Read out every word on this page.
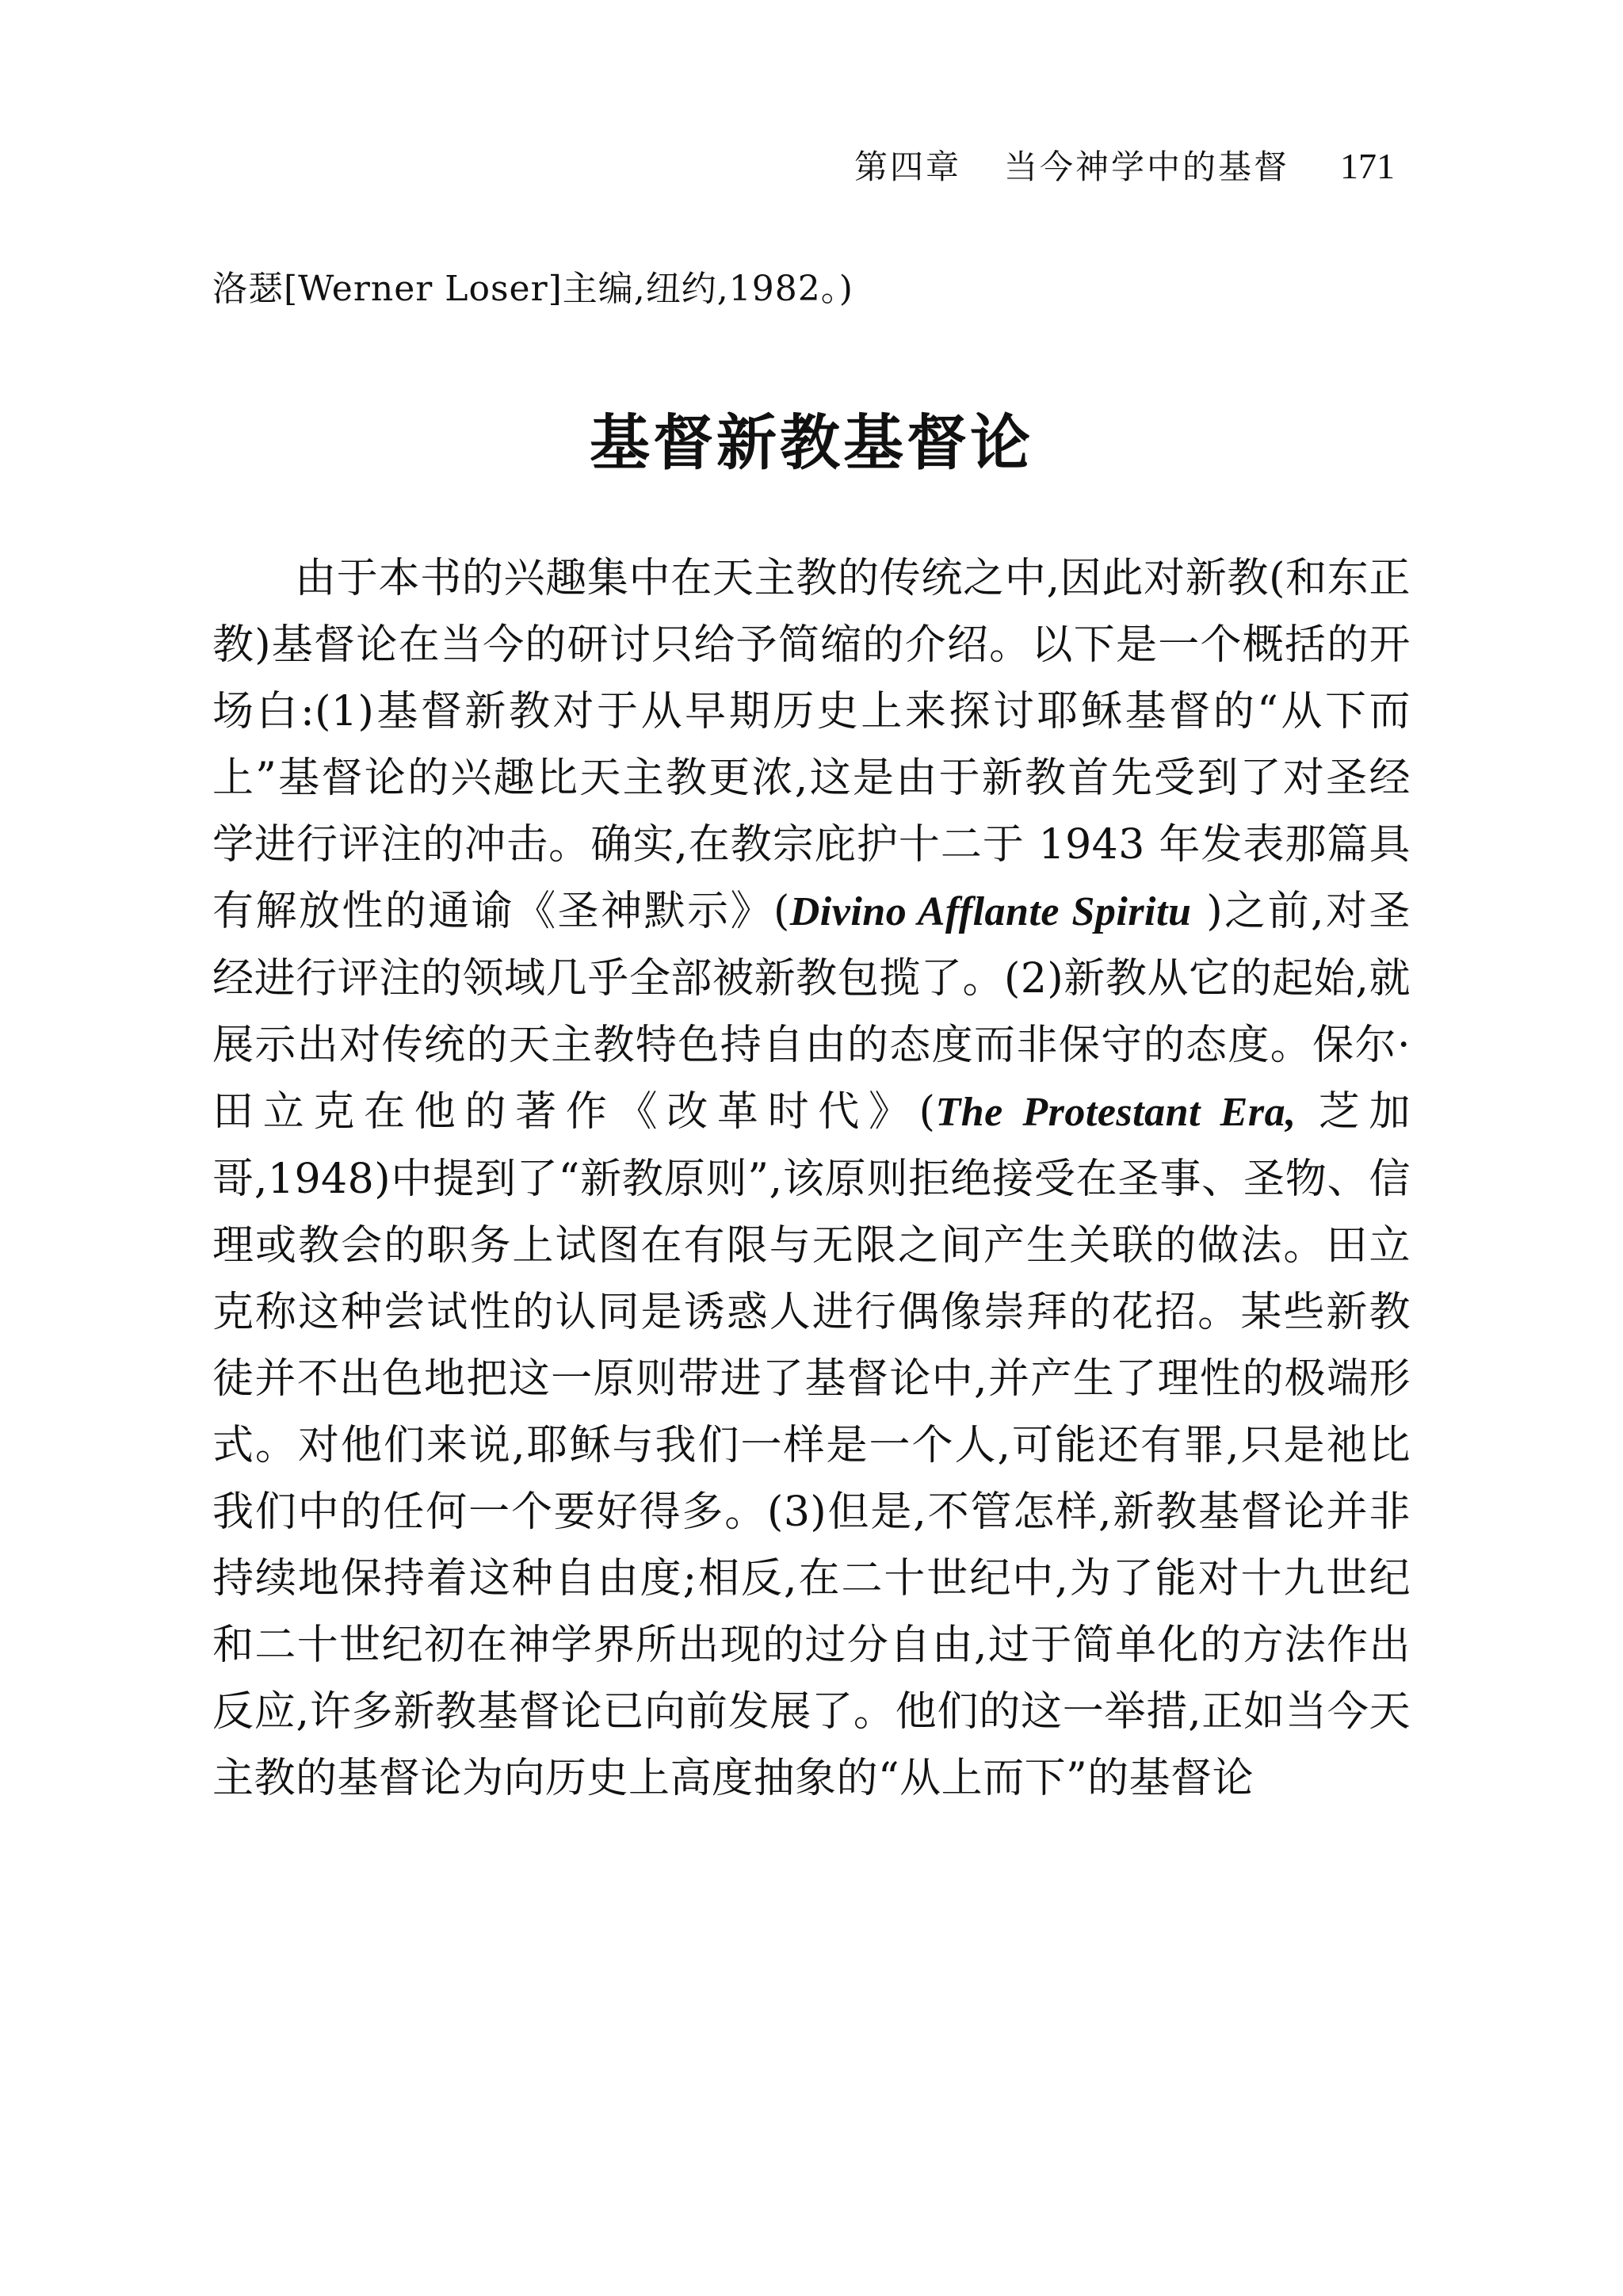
第四章 当今神学中的基督 171
洛瑟[Werner Loser]主编,纽约,1982。)
基督新教基督论

由于本书的兴趣集中在天主教的传统之中,因此对新教(和东正教)基督论在当今的研讨只给予简缩的介绍。以下是一个概括的开场白:(1)基督新教对于从早期历史上来探讨耶稣基督的“从下而上”基督论的兴趣比天主教更浓,这是由于新教首先受到了对圣经学进行评注的冲击。确实,在教宗庇护十二于 1943 年发表那篇具有解放性的通谕《圣神默示》(Divino Afflante Spiritu )之前,对圣经进行评注的领域几乎全部被新教包揽了。(2)新教从它的起始,就展示出对传统的天主教特色持自由的态度而非保守的态度。保尔·田立克在他的著作《改革时代》(The Protestant Era, 芝加哥,1948)中提到了“新教原则”,该原则拒绝接受在圣事、圣物、信理或教会的职务上试图在有限与无限之间产生关联的做法。田立克称这种尝试性的认同是诱惑人进行偶像崇拜的花招。某些新教徒并不出色地把这一原则带进了基督论中,并产生了理性的极端形式。对他们来说,耶稣与我们一样是一个人,可能还有罪,只是祂比我们中的任何一个要好得多。(3)但是,不管怎样,新教基督论并非持续地保持着这种自由度;相反,在二十世纪中,为了能对十九世纪和二十世纪初在神学界所出现的过分自由,过于简单化的方法作出反应,许多新教基督论已向前发展了。他们的这一举措,正如当今天主教的基督论为向历史上高度抽象的“从上而下”的基督论
